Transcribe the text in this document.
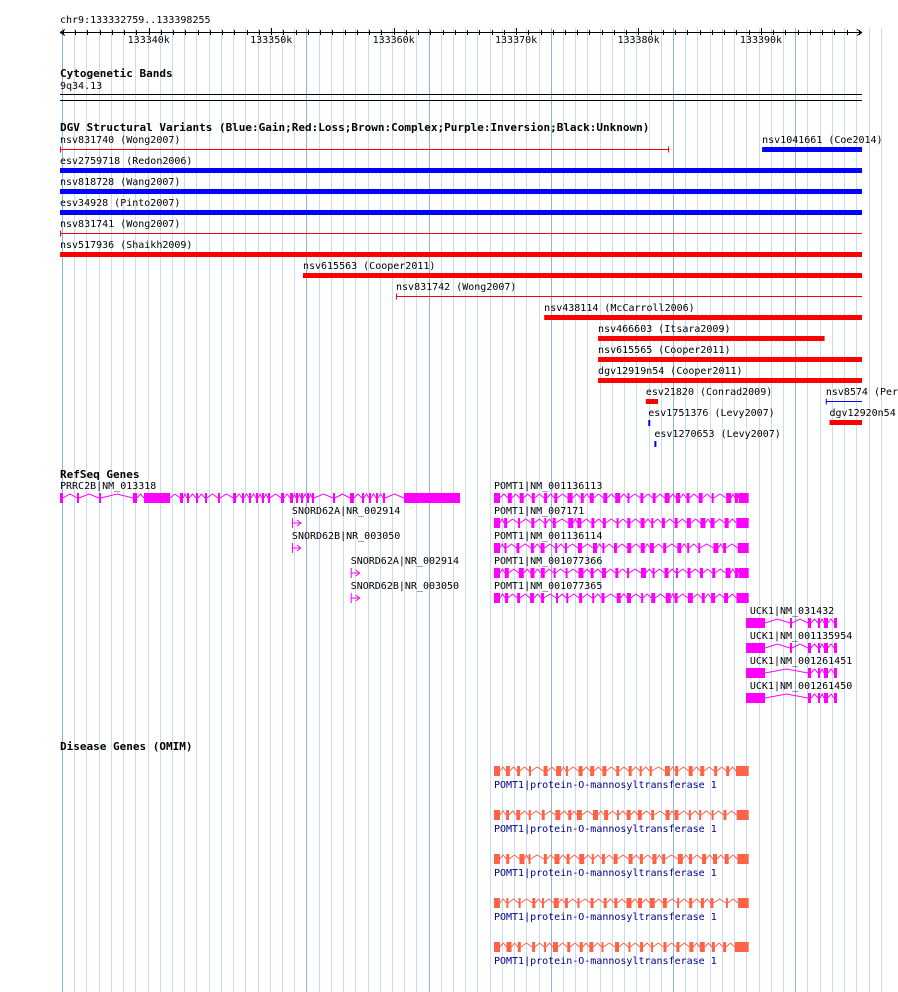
chr9:133332759..133398255
133340k	133350k	133360k	133370k	133380k	133390k
Cytogenetic Bands
9q34.13
DGV Structural Variants (Blue:Gain;Red:Loss;Brown:Complex;Purple:Inversion;Black:Unknown)
nsv831740 (Wong2007)	nsv1041661 (Coe2014)
esv2759718 (Redon2006)
nsv818728 (Wang2007)
esv34928 (Pinto2007)
nsv831741 (Wong2007)
nsv517936 (Shaikh2009)
nsv615563 (Cooper2011)
nsv831742 (Wong2007)
nsv438114 (McCarroll2006)
nsv466603 (Itsara2009)
nsv615565 (Cooper2011)
dgv12919n54 (Cooper2011)
esv21820 (Conrad2009)	nsv8574 (Per
esv1751376 (Levy2007)	dgv12920n54
esv1270653 (Levy2007)
RefSeq Genes
PRRC2B|NM_013318	POMT1|NM_001136113
SNORD62A|NR_002914	POMT1|NM_007171
SNORD62B|NR_003050	POMT1|NM_001136114
SNORD62A|NR_002914	POMT1|NM_001077366
SNORD62B|NR_003050	POMT1|NM_001077365
UCK1|NM_031432
UCK1|NM_001135954
UCK1|NM_001261451
UCK1|NM_001261450
Disease Genes (OMIM)
POMT1|protein-O-mannosyltransferase 1
POMT1|protein-O-mannosyltransferase 1
POMT1|protein-O-mannosyltransferase 1
POMT1|protein-O-mannosyltransferase 1
POMT1|protein-O-mannosyltransferase 1
